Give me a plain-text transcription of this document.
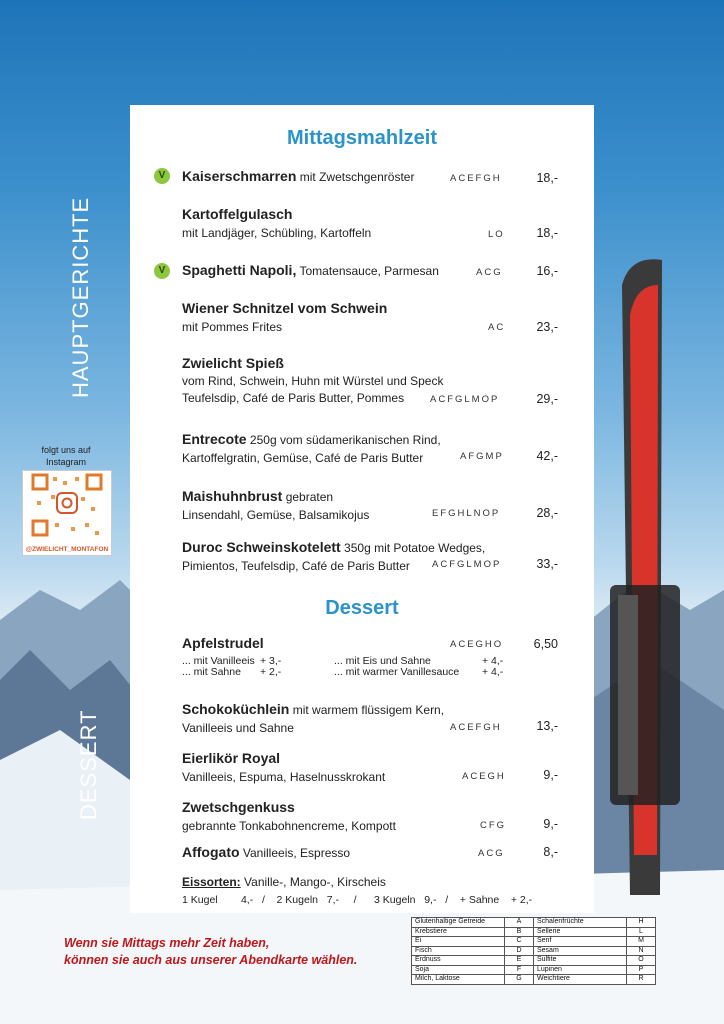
HAUPTGERICHTE
DESSERT
folgt uns auf
Instagram
@ZWIELICHT_MONTAFON
Mittagsmahlzeit
V	Kaiserschmarren mit Zwetschgenröster	ACEFGH	18,-
Kartoffelgulasch
mit Landjäger, Schübling, Kartoffeln	LO	18,-
V	Spaghetti Napoli, Tomatensauce, Parmesan	ACG	16,-
Wiener Schnitzel vom Schwein
mit Pommes Frites	AC	23,-
Zwielicht Spieß
vom Rind, Schwein, Huhn mit Würstel und Speck
Teufelsdip, Café de Paris Butter, Pommes	ACFGLMOP	29,-
Entrecote 250g vom südamerikanischen Rind,
Kartoffelgratin, Gemüse, Café de Paris Butter	AFGMP	42,-
Maishuhnbrust gebraten
Linsendahl, Gemüse, Balsamikojus	EFGHLNOP	28,-
Duroc Schweinskotelett 350g mit Potatoe Wedges,
Pimientos, Teufelsdip, Café de Paris Butter	ACFGLMOP	33,-
Dessert
Apfelstrudel	ACEGHO 6,50
... mit Vanilleeis + 3,-	... mit Eis und Sahne	+ 4,-
... mit Sahne + 2,-	... mit warmer Vanillesauce + 4,-
Schokoküchlein mit warmem flüssigem Kern,
Vanilleeis und Sahne	ACEFGH	13,-
Eierlikör Royal
Vanilleeis, Espuma, Haselnusskrokant	ACEGH	9,-
Zwetschgenkuss
gebrannte Tonkabohnencreme, Kompott	CFG	9,-
Affogato Vanilleeis, Espresso	ACG	8,-
Eissorten: Vanille-, Mango-, Kirscheis
1 Kugel        4,-   /    2 Kugeln   7,-     /      3 Kugeln   9,-   /    + Sahne    + 2,-
Wenn sie Mittags mehr Zeit haben,
können sie auch aus unserer Abendkarte wählen.
Glutenhaltige Getreide	A	Schalenfrüchte	H
Krebstiere	B	Sellerie	L
Ei	C	Senf	M
Fisch	D	Sesam	N
Erdnuss	E	Sulfite	O
Soja	F	Lupinen	P
Milch, Laktose	G	Weichtiere	R
